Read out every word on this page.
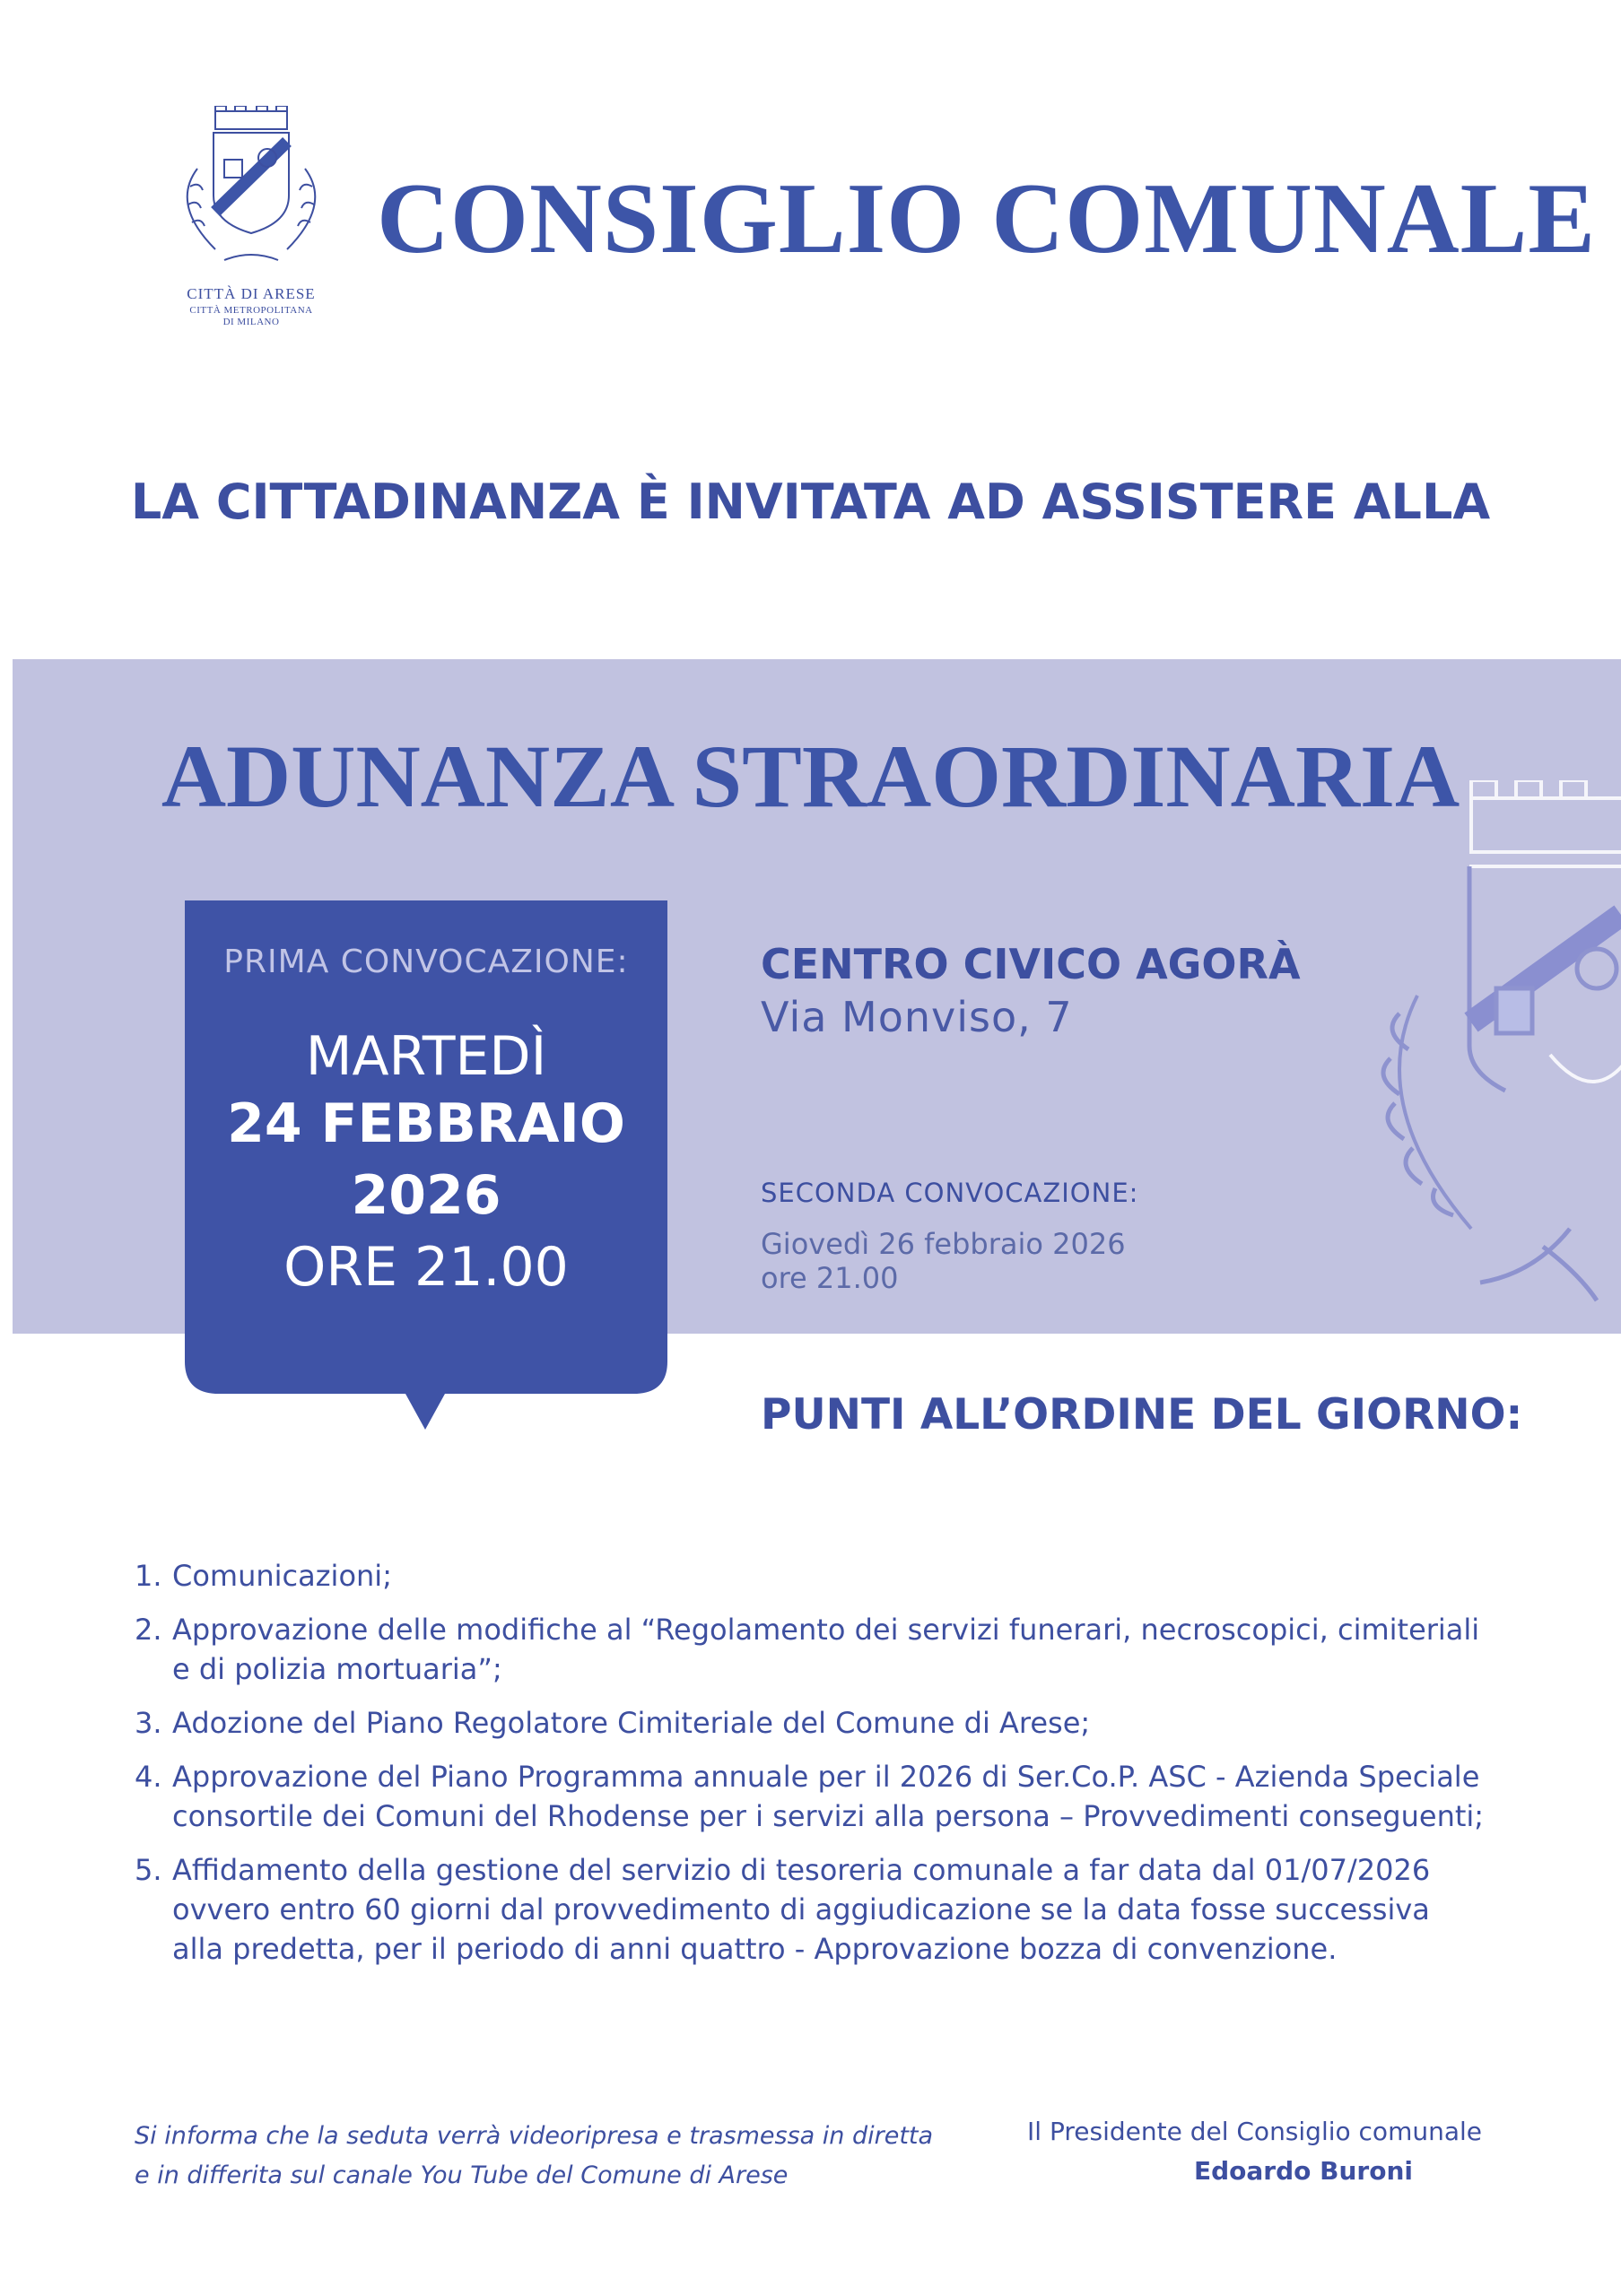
CITTÀ DI ARESE
CITTÀ METROPOLITANA
DI MILANO
CONSIGLIO COMUNALE
LA CITTADINANZA È INVITATA AD ASSISTERE ALLA
ADUNANZA STRAORDINARIA
PRIMA CONVOCAZIONE:
MARTEDÌ
24 FEBBRAIO
2026
ORE 21.00
CENTRO CIVICO AGORÀ
Via Monviso, 7
SECONDA CONVOCAZIONE:
Giovedì 26 febbraio 2026
ore 21.00
PUNTI ALL’ORDINE DEL GIORNO:
1. Comunicazioni;
2. Approvazione delle modifiche al “Regolamento dei servizi funerari, necroscopici, cimiteriali e di polizia mortuaria”;
3. Adozione del Piano Regolatore Cimiteriale del Comune di Arese;
4. Approvazione del Piano Programma annuale per il 2026 di Ser.Co.P. ASC - Azienda Speciale consortile dei Comuni del Rhodense per i servizi alla persona – Provvedimenti conseguenti;
5. Affidamento della gestione del servizio di tesoreria comunale a far data dal 01/07/2026 ovvero entro 60 giorni dal provvedimento di aggiudicazione se la data fosse successiva alla predetta, per il periodo di anni quattro - Approvazione bozza di convenzione.
Si informa che la seduta verrà videoripresa e trasmessa in diretta
e in differita sul canale You Tube del Comune di Arese
Il Presidente del Consiglio comunale
Edoardo Buroni
